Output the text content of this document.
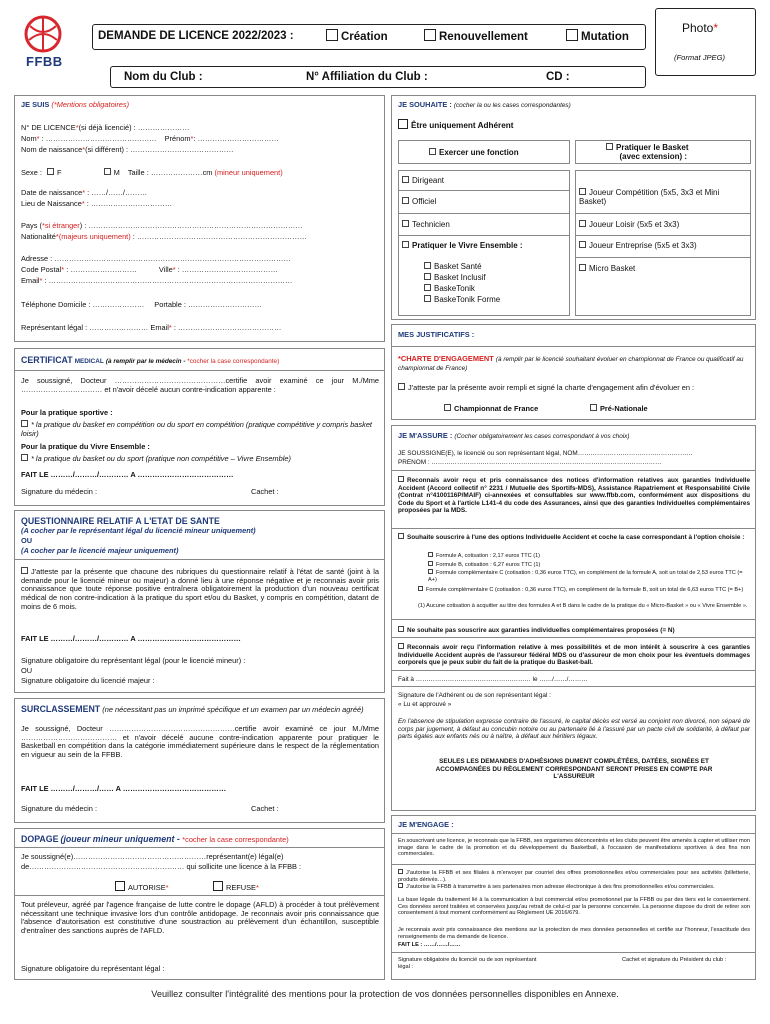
FFBB
DEMANDE DE LICENCE 2022/2023 :	Création	Renouvellement	Mutation
Photo*
(Format JPEG)
Nom du Club :	N° Affiliation du Club :	CD :
JE SUIS (*Mentions obligatoires)
N° DE LICENCE*(si déjà licencié) : …………………
Nom* : ……………………………………… Prénom*: ……………………………
Nom de naissance*(si différent) : ……………………………………
Sexe : F	M Taille : …………………cm (mineur uniquement)
Date de naissance* : ……/……/………
Lieu de Naissance* : ……………………………
Pays (*si étranger) : ……………………………………………………………………………
Nationalité*(majeurs uniquement) : ……………………………………………………………
Adresse : ……………………………………………………………………………………
Code Postal* : ………………………	Ville* : …………………………………
Email* : ………………………………………………………………………………………
Téléphone Domicile : ………………… Portable : …………………………
Représentant légal : …………………… Email* : ……………………………………
JE SOUHAITE : (cocher la ou les cases correspondantes)
Être uniquement Adhérent
Exercer une fonction
Pratiquer le Basket
(avec extension) :
Dirigeant
Officiel
Technicien
Pratiquer le Vivre Ensemble :
Basket Santé
Basket Inclusif
BaskeTonik
BaskeTonik Forme
Joueur Compétition (5x5, 3x3 et Mini Basket)
Joueur Loisir (5x5 et 3x3)
Joueur Entreprise (5x5 et 3x3)
Micro Basket
MES JUSTIFICATIFS :
*CHARTE D'ENGAGEMENT (à remplir par le licencié souhaitant évoluer en championnat de France ou qualificatif au championnat de France)
J'atteste par la présente avoir rempli et signé la charte d'engagement afin d'évoluer en :
Championnat de France	Pré-Nationale
CERTIFICAT MEDICAL (à remplir par le médecin - *cocher la case correspondante)
Je soussigné, Docteur ………………………………………certifie avoir examiné ce jour M./Mme …………………………… et n'avoir décelé aucun contre-indication apparente :
Pour la pratique sportive :
* la pratique du basket en compétition ou du sport en compétition (pratique compétitive y compris basket loisir)
Pour la pratique du Vivre Ensemble :
* la pratique du basket ou du sport (pratique non compétitive – Vivre Ensemble)
FAIT LE ………/………/………… A …………………………………
Signature du médecin :	Cachet :
QUESTIONNAIRE RELATIF A L'ETAT DE SANTE
(A cocher par le représentant légal du licencié mineur uniquement)
OU
(A cocher par le licencié majeur uniquement)
J'atteste par la présente que chacune des rubriques du questionnaire relatif à l'état de santé (joint à la demande pour le licencié mineur ou majeur) a donné lieu à une réponse négative et je reconnais avoir pris connaissance que toute réponse positive entraînera obligatoirement la production d'un nouveau certificat médical de non contre-indication à la pratique du sport et/ou du Basket, y compris en compétition, datant de moins de 6 mois.
FAIT LE ………/………/………… A ……………………………………
Signature obligatoire du représentant légal (pour le licencié mineur) :
OU
Signature obligatoire du licencié majeur :
SURCLASSEMENT (ne nécessitant pas un imprimé spécifique et un examen par un médecin agréé)
Je soussigné, Docteur ……………………………………………certifie avoir examiné ce jour M./Mme ………………………………… et n'avoir décelé aucune contre-indication apparente pour pratiquer le Basketball en compétition dans la catégorie immédiatement supérieure dans le respect de la réglementation en vigueur au sein de la FFBB.
FAIT LE ………/………/…… A ……………………………………
Signature du médecin :	Cachet :
DOPAGE (joueur mineur uniquement - *cocher la case correspondante)
Je soussigné(e)………………………………………………représentant(e) légal(e)
de……………………………………………………… qui sollicite une licence à la FFBB :
AUTORISE*	REFUSE*
Tout préleveur, agréé par l'agence française de lutte contre le dopage (AFLD) à procéder à tout prélèvement nécessitant une technique invasive lors d'un contrôle antidopage. Je reconnais avoir pris connaissance que l'absence d'autorisation est constitutive d'une soustraction au prélèvement d'un échantillon, susceptible d'entraîner des sanctions auprès de l'AFLD.
Signature obligatoire du représentant légal :
JE M'ASSURE : (Cocher obligatoirement les cases correspondant à vos choix)
JE SOUSSIGNÉ(E), le licencié ou son représentant légal, NOM………………………………………………
PRÉNOM : ………………………………………………………………………………………………
Reconnais avoir reçu et pris connaissance des notices d'information relatives aux garanties Individuelle Accident (Accord collectif n° 2231 / Mutuelle des Sportifs-MDS), Assistance Rapatriement et Responsabilité Civile (Contrat n°4100116P/MAIF) ci-annexées et consultables sur www.ffbb.com, conformément aux dispositions du Code du Sport et à l'article L141-4 du code des Assurances, ainsi que des garanties Individuelles complémentaires proposées par la MDS.
Souhaite souscrire à l'une des options Individuelle Accident et coche la case correspondant à l'option choisie :
Formule A, cotisation : 2,17 euros TTC (1)
Formule B, cotisation : 6,27 euros TTC (1)
Formule complémentaire C (cotisation : 0,36 euros TTC), en complément de la formule A, soit un total de 2,53 euros TTC (= A+)
Formule complémentaire C (cotisation : 0,36 euros TTC), en complément de la formule B, soit un total de 6,63 euros TTC (= B+)
(1) Aucune cotisation à acquitter au titre des formules A et B dans le cadre de la pratique du « Micro-Basket » ou « Vivre Ensemble ».
Ne souhaite pas souscrire aux garanties individuelles complémentaires proposées (= N)
Reconnais avoir reçu l'information relative à mes possibilités et de mon intérêt à souscrire à ces garanties Individuelle Accident auprès de l'assureur fédéral MDS ou d'assureur de mon choix pour les éventuels dommages corporels que je peux subir du fait de la pratique du Basket-ball.
Fait à ……………………………………………… le ……/……/………
Signature de l'Adhérent ou de son représentant légal :
« Lu et approuvé »
En l'absence de stipulation expresse contraire de l'assuré, le capital décès est versé au conjoint non divorcé, non séparé de corps par jugement, à défaut au concubin notoire ou au partenaire lié à l'assuré par un pacte civil de solidarité, à défaut par parts égales aux enfants nés ou à naître, à défaut aux héritiers légaux.
SEULES LES DEMANDES D'ADHÉSIONS DUMENT COMPLÉTÉES, DATÉES, SIGNÉES ET ACCOMPAGNÉES DU RÈGLEMENT CORRESPONDANT SERONT PRISES EN COMPTE PAR L'ASSUREUR
JE M'ENGAGE :
En souscrivant une licence, je reconnais que la FFBB, ses organismes déconcentrés et les clubs peuvent être amenés à capter et utiliser mon image dans le cadre de la promotion et du développement du Basketball, à l'occasion de manifestations sportives à des fins non commerciales.
J'autorise la FFBB et ses filiales à m'envoyer par courriel des offres promotionnelles et/ou commerciales pour ses activités (billetterie, produits dérivés…).
J'autorise la FFBB à transmettre à ses partenaires mon adresse électronique à des fins promotionnelles et/ou commerciales.
La base légale du traitement lié à la communication à but commercial et/ou promotionnel par la FFBB ou par des tiers est le consentement. Ces données seront traitées et conservées jusqu'au retrait de celui-ci par la personne concernée. La personne dispose du droit de retirer son consentement à tout moment conformément au Règlement UE 2016/679.
Je reconnais avoir pris connaissance des mentions sur la protection de mes données personnelles et certifie sur l'honneur, l'exactitude des renseignements de ma demande de licence.
FAIT LE : ……/……/……
Signature obligatoire du licencié ou de son représentant légal :
Cachet et signature du Président du club :
Veuillez consulter l'intégralité des mentions pour la protection de vos données personnelles disponibles en Annexe.
